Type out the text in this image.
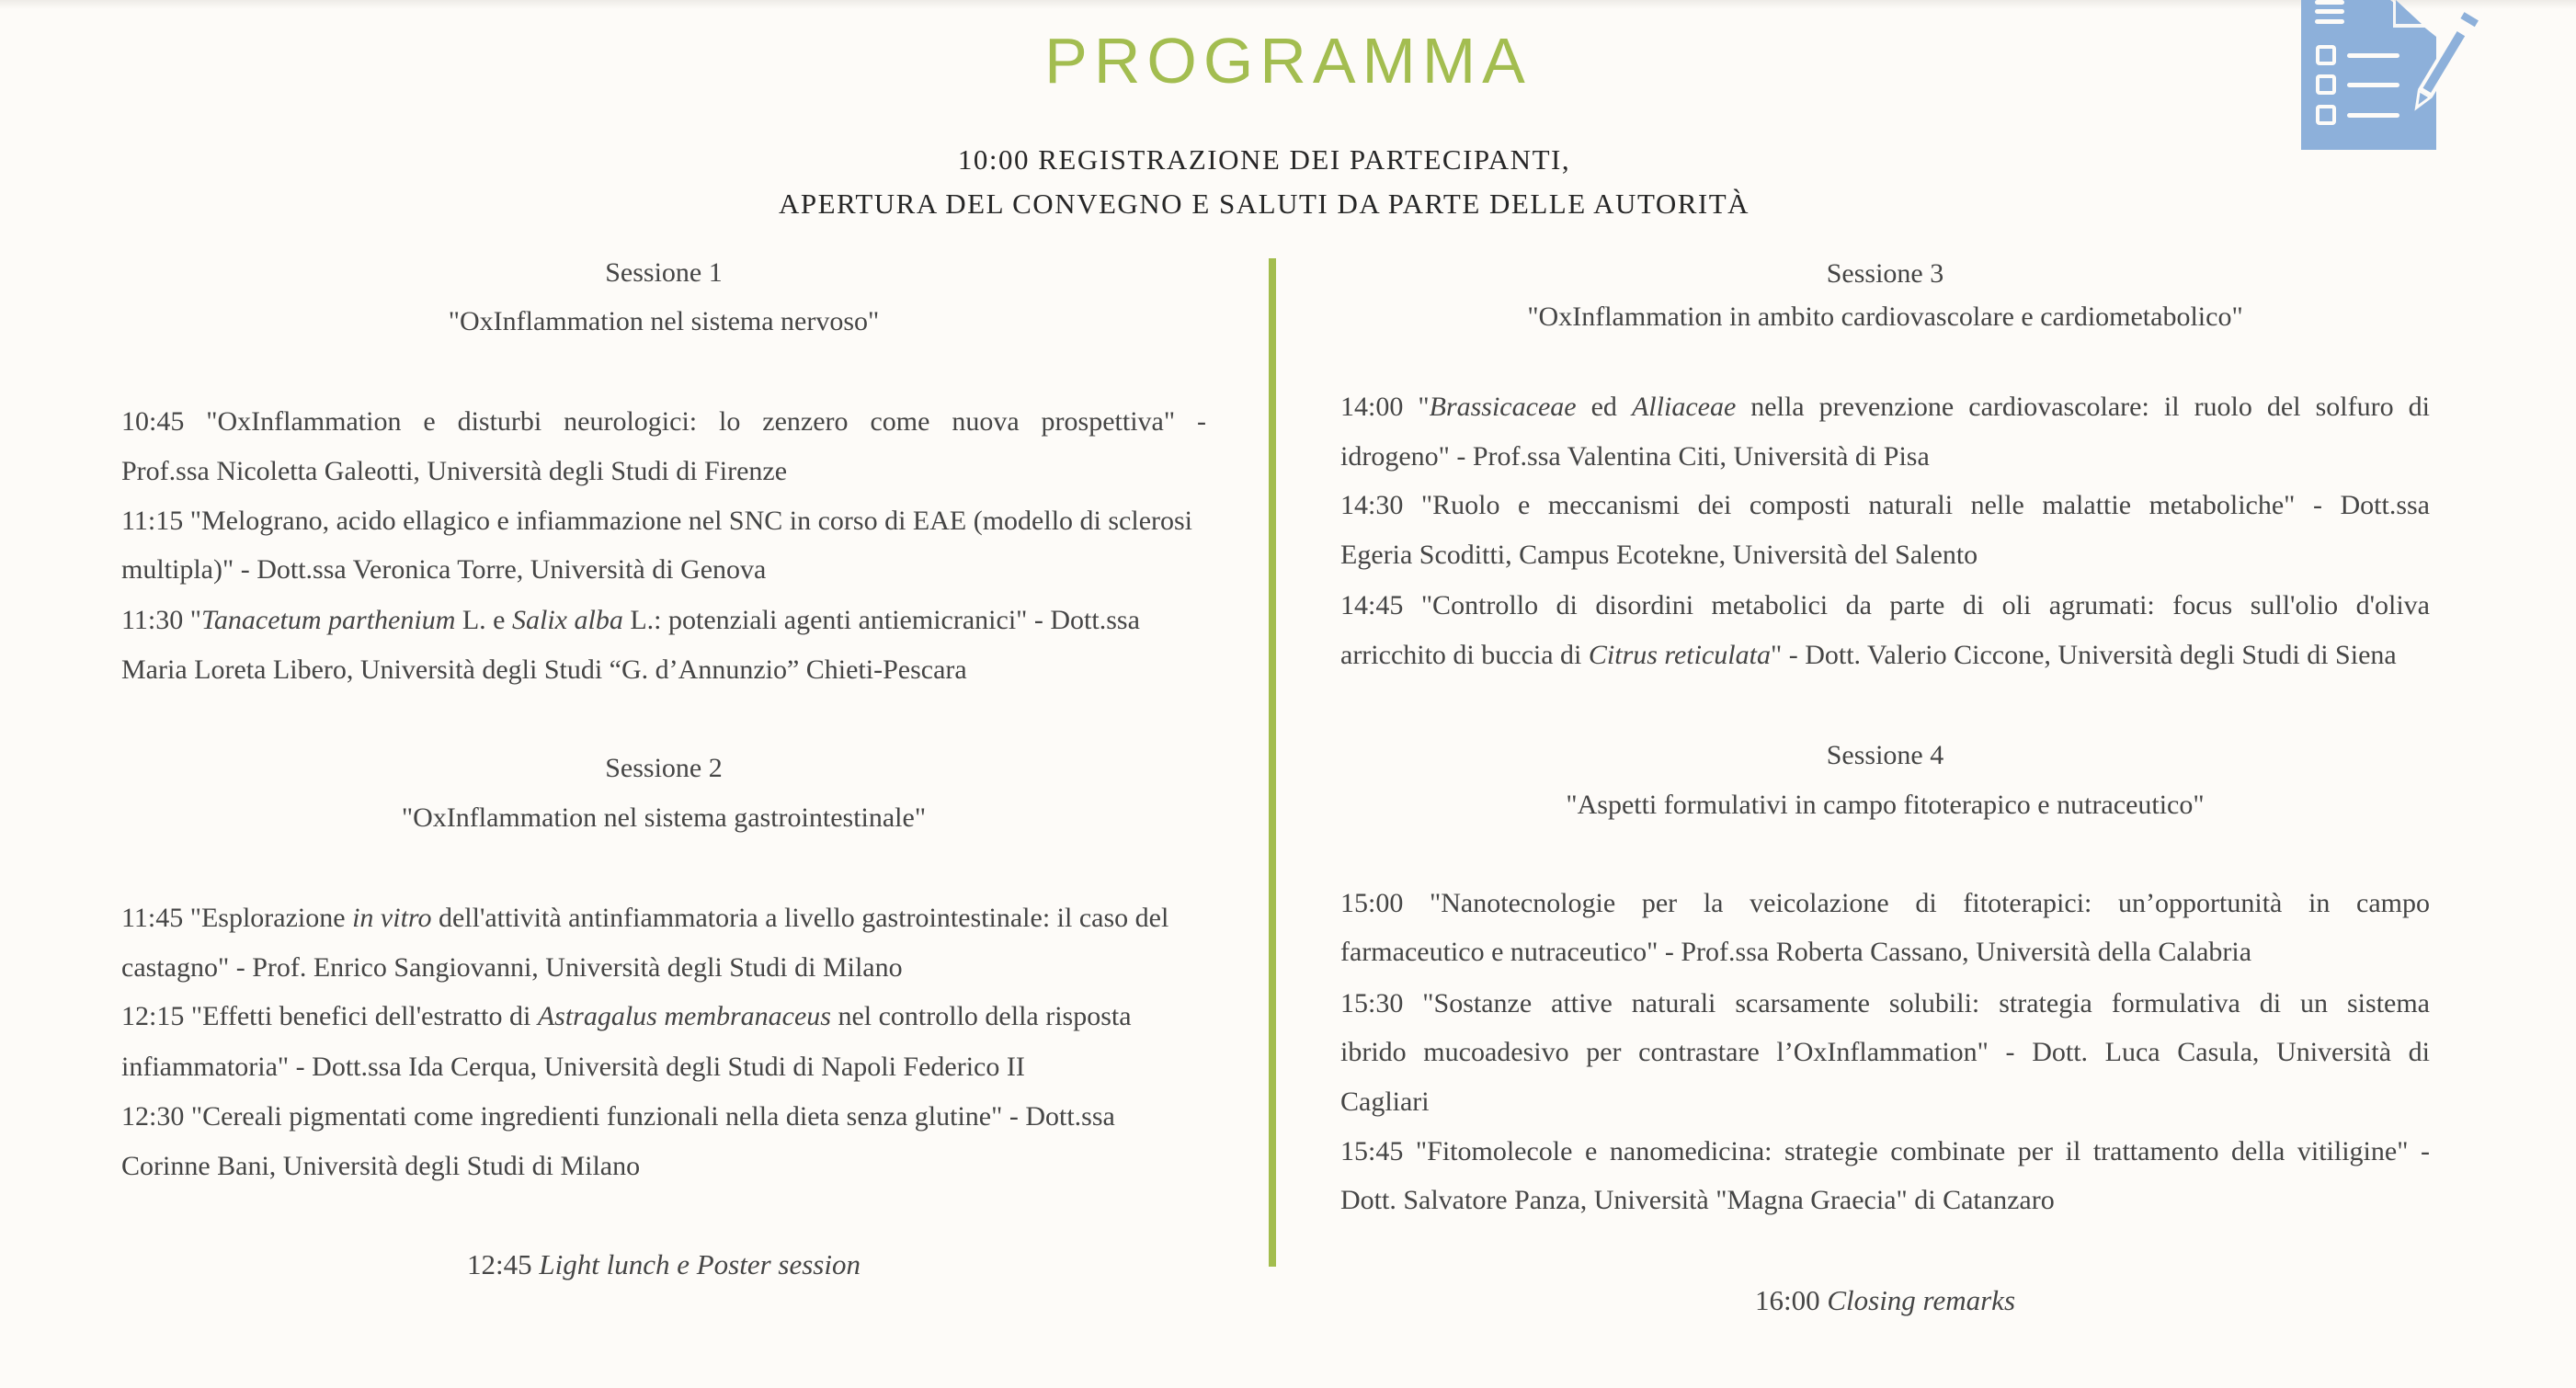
PROGRAMMA
10:00 REGISTRAZIONE DEI PARTECIPANTI,
APERTURA DEL CONVEGNO E SALUTI DA PARTE DELLE AUTORITÀ
Sessione 1
"OxInflammation nel sistema nervoso"
10:45 "OxInflammation e disturbi neurologici: lo zenzero come nuova prospettiva" -
Prof.ssa Nicoletta Galeotti, Università degli Studi di Firenze
11:15 "Melograno, acido ellagico e infiammazione nel SNC in corso di EAE (modello di sclerosi
multipla)" - Dott.ssa Veronica Torre, Università di Genova
11:30 "Tanacetum parthenium L. e Salix alba L.: potenziali agenti antiemicranici" - Dott.ssa
Maria Loreta Libero, Università degli Studi “G. d’Annunzio” Chieti-Pescara
Sessione 2
"OxInflammation nel sistema gastrointestinale"
11:45 "Esplorazione in vitro dell'attività antinfiammatoria a livello gastrointestinale: il caso del
castagno" - Prof. Enrico Sangiovanni, Università degli Studi di Milano
12:15 "Effetti benefici dell'estratto di Astragalus membranaceus nel controllo della risposta
infiammatoria" - Dott.ssa Ida Cerqua, Università degli Studi di Napoli Federico II
12:30 "Cereali pigmentati come ingredienti funzionali nella dieta senza glutine" - Dott.ssa
Corinne Bani, Università degli Studi di Milano
12:45 Light lunch e Poster session
Sessione 3
"OxInflammation in ambito cardiovascolare e cardiometabolico"
14:00 "Brassicaceae ed Alliaceae nella prevenzione cardiovascolare: il ruolo del solfuro di
idrogeno" - Prof.ssa Valentina Citi, Università di Pisa
14:30 "Ruolo e meccanismi dei composti naturali nelle malattie metaboliche" - Dott.ssa
Egeria Scoditti, Campus Ecotekne, Università del Salento
14:45 "Controllo di disordini metabolici da parte di oli agrumati: focus sull'olio d'oliva
arricchito di buccia di Citrus reticulata" - Dott. Valerio Ciccone, Università degli Studi di Siena
Sessione 4
"Aspetti formulativi in campo fitoterapico e nutraceutico"
15:00 "Nanotecnologie per la veicolazione di fitoterapici: un’opportunità in campo
farmaceutico e nutraceutico" - Prof.ssa Roberta Cassano, Università della Calabria
15:30 "Sostanze attive naturali scarsamente solubili: strategia formulativa di un sistema
ibrido mucoadesivo per contrastare l’OxInflammation" - Dott. Luca Casula, Università di
Cagliari
15:45 "Fitomolecole e nanomedicina: strategie combinate per il trattamento della vitiligine" -
Dott. Salvatore Panza, Università "Magna Graecia" di Catanzaro
16:00 Closing remarks
